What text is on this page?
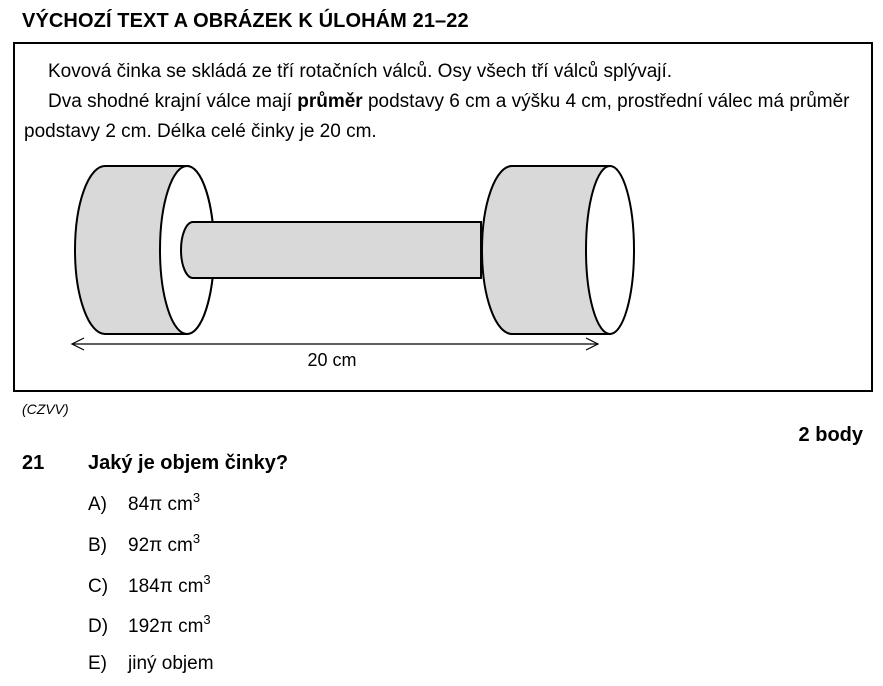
VÝCHOZÍ TEXT A OBRÁZEK K ÚLOHÁM 21–22
Kovová činka se skládá ze tří rotačních válců. Osy všech tří válců splývají.
Dva shodné krajní válce mají průměr podstavy 6 cm a výšku 4 cm, prostřední válec má průměr podstavy 2 cm. Délka celé činky je 20 cm.
20 cm
(CZVV)
2 body
21 Jaký je objem činky?
A) 84π $cm^3$
B) 92π $cm^3$
C) 184π $cm^3$
D) 192π $cm^3$
E) jiný objem
